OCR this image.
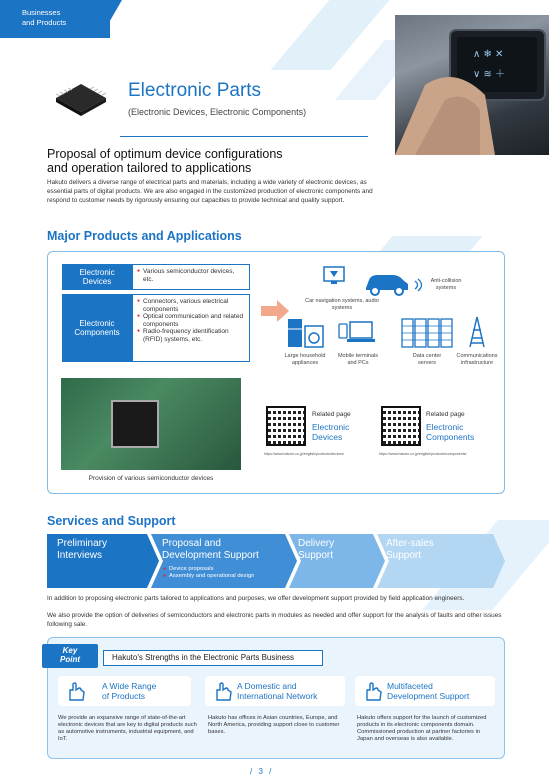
Businesses
and Products
∧ ❄ ✕
∨ ≋ ＋
Electronic Parts
(Electronic Devices, Electronic Components)
Proposal of optimum device configurations
and operation tailored to applications
Hakuto delivers a diverse range of electrical parts and materials, including a wide variety of electronic devices, as essential parts of digital products. We are also engaged in the customized production of electronic components and respond to customer needs by rigorously ensuring our capacities to provide technical and quality support.
Major Products and Applications
Electronic
Devices
● Various semiconductor devices, etc.
Electronic
Components
● Connectors, various electrical components
● Optical communication and related components
● Radio-frequency identification (RFID) systems, etc.
Car navigation systems, audio systems
Anti-collision systems
Large household appliances
Mobile terminals and PCs
Data center servers
Communications infrastructure
Provision of various semiconductor devices
Related page
Electronic
Devices
https://www.hakuto.co.jp/english/products/devices/
Related page
Electronic
Components
https://www.hakuto.co.jp/english/products/components/
Services and Support
Preliminary
Interviews
Proposal and
Development Support
● Device proposals
● Assembly and operational design
Delivery
Support
After-sales
Support
In addition to proposing electronic parts tailored to applications and purposes, we offer development support provided by field application engineers.
We also provide the option of deliveries of semiconductors and electronic parts in modules as needed and offer support for the analysis of faults and other issues following sale.
Key
Point	Hakuto's Strengths in the Electronic Parts Business
A Wide Range
of Products
A Domestic and
International Network
Multifaceted
Development Support
We provide an expansive range of state-of-the-art electronic devices that are key to digital products such as automotive instruments, industrial equipment, and IoT.
Hakuto has offices in Asian countries, Europe, and North America, providing support close to customer bases.
Hakuto offers support for the launch of customized products in its electronic components domain. Commissioned production at partner factories in Japan and overseas is also available.
/ 3 /
